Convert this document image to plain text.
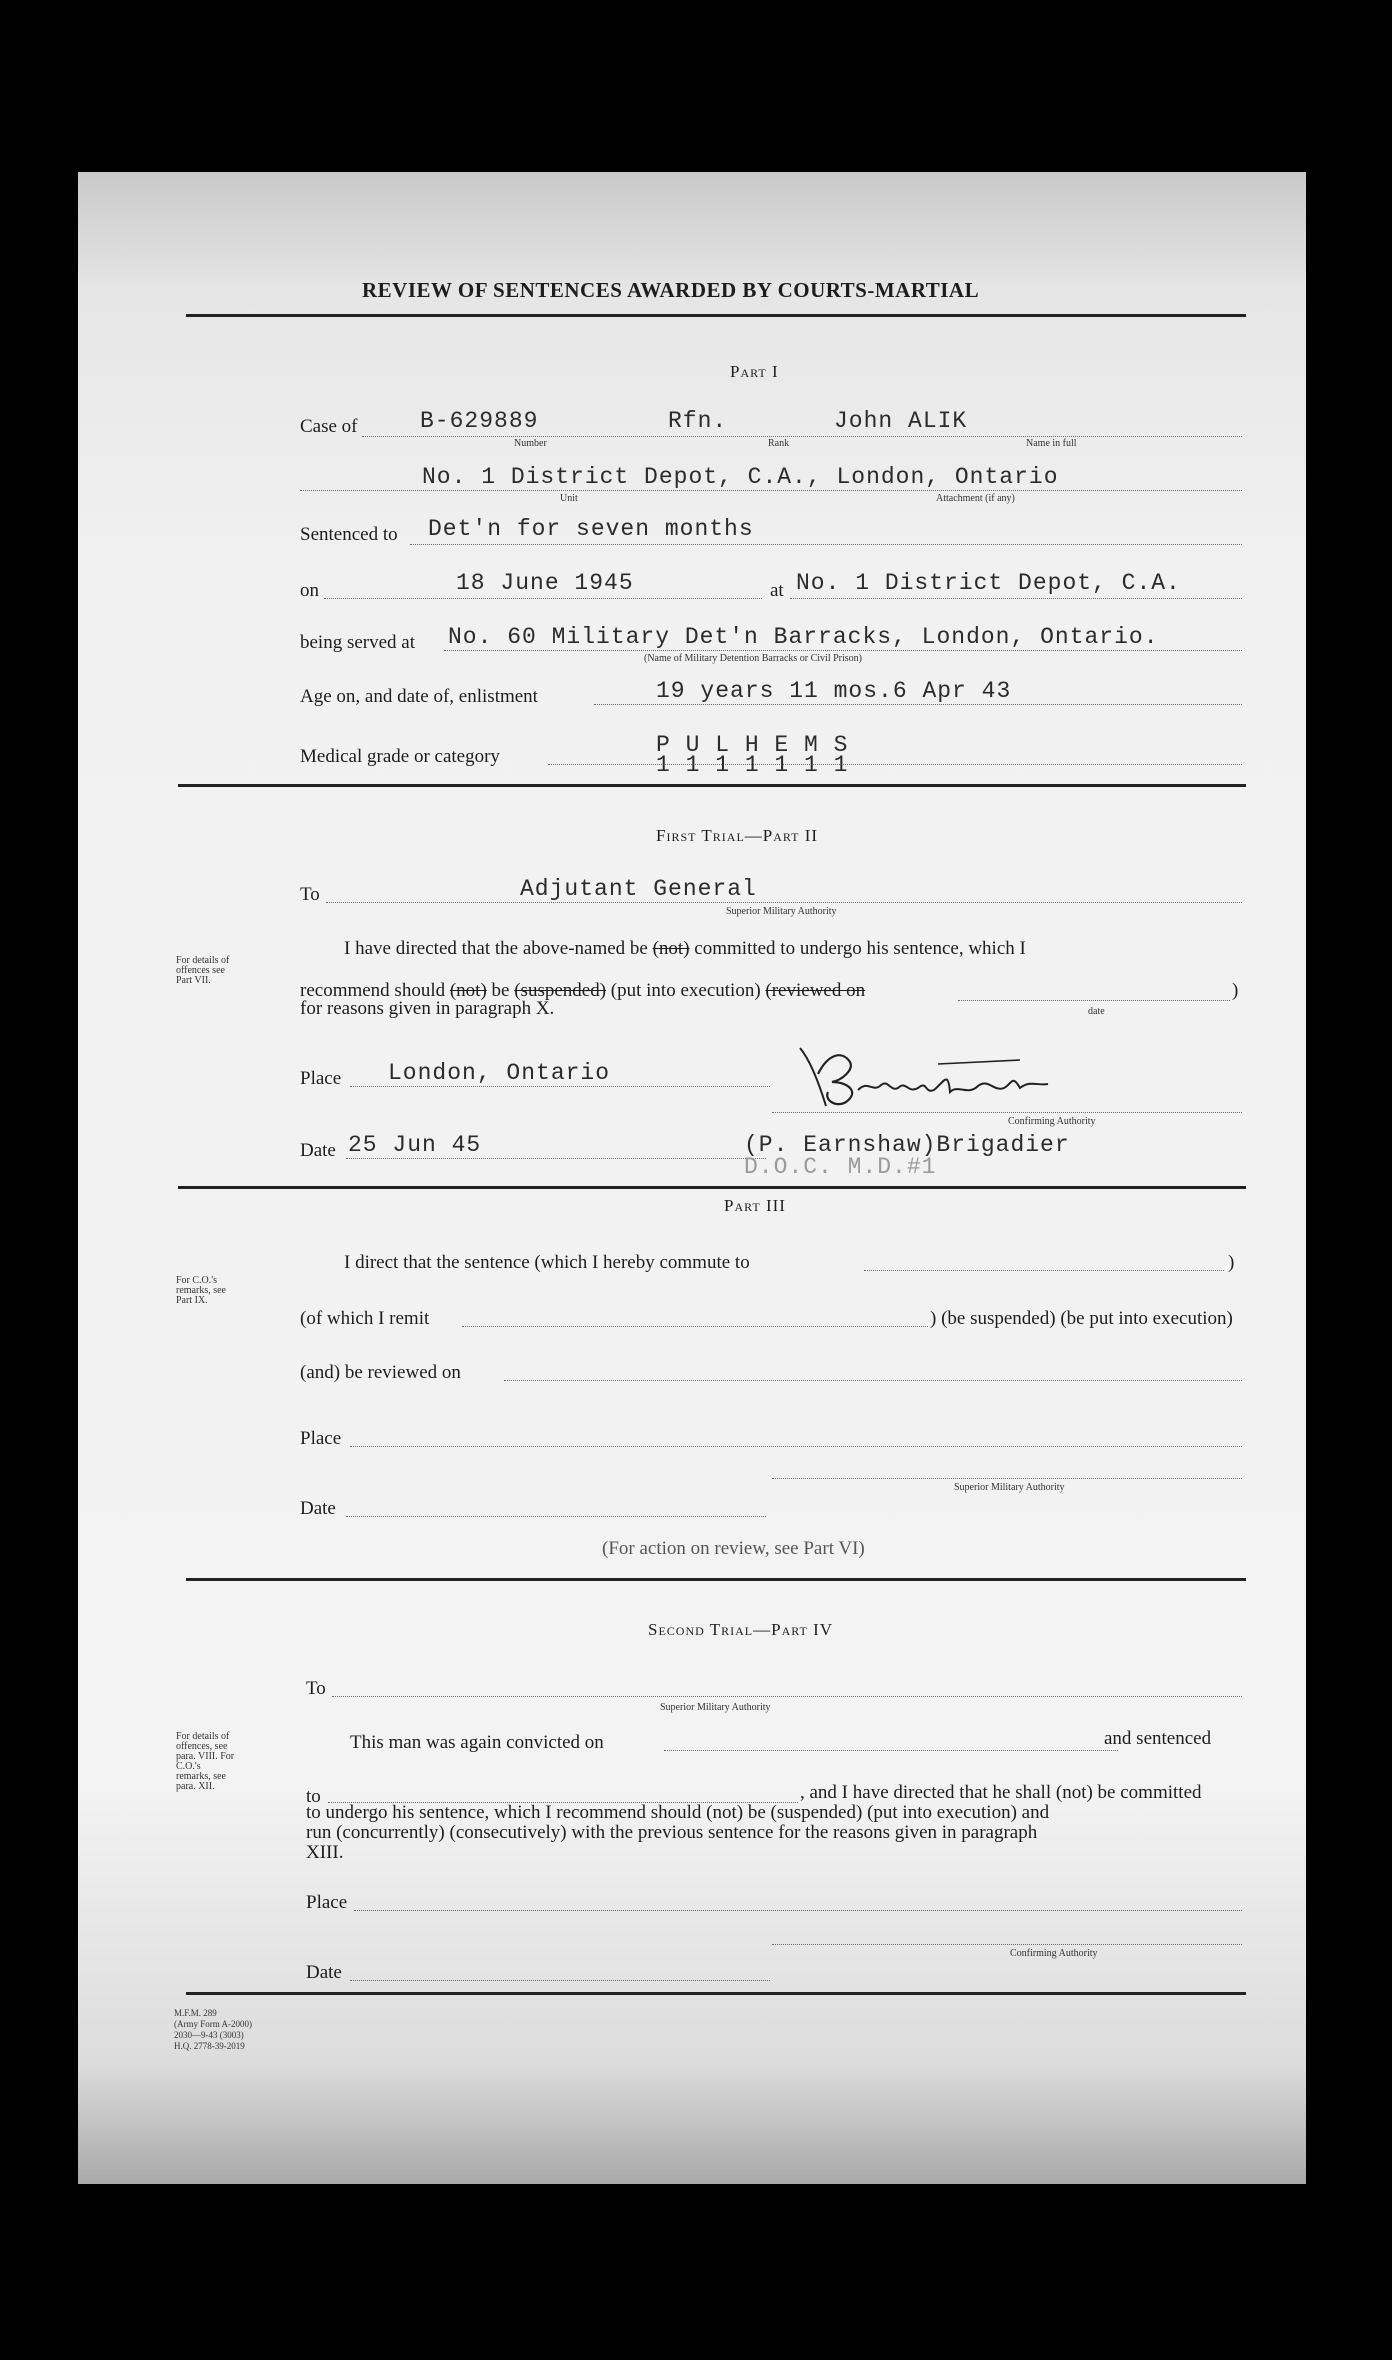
REVIEW OF SENTENCES AWARDED BY COURTS-MARTIAL
Part I
Case of	B-629889	Rfn.	John ALIK
Number	Rank	Name in full
No. 1 District Depot, C.A., London, Ontario
Unit	Attachment (if any)
Sentenced to Det'n for seven months
on	18 June 1945	at No. 1 District Depot, C.A.
being served at No. 60 Military Det'n Barracks, London, Ontario.
(Name of Military Detention Barracks or Civil Prison)
Age on, and date of, enlistment	19 years 11 mos.6 Apr 43
Medical grade or category	P U L H E M S
1 1 1 1 1 1 1
First Trial—Part II
To	Adjutant General
Superior Military Authority
For details of offences see Part VII.
I have directed that the above-named be (not) committed to undergo his sentence, which I
recommend should (not) be (suspended) (put into execution) (reviewed on	)
date
for reasons given in paragraph X.
Place London, Ontario
Confirming Authority
Date 25 Jun 45	(P. Earnshaw)Brigadier
D.O.C. M.D.#1
Part III
For C.O.'s remarks, see Part IX.
I direct that the sentence (which I hereby commute to	)
(of which I remit	) (be suspended) (be put into execution)
(and) be reviewed on
Place
Superior Military Authority
Date
(For action on review, see Part VI)
Second Trial—Part IV
To
Superior Military Authority
For details of offences, see para. VIII. For C.O.'s remarks, see para. XII.
This man was again convicted on	and sentenced
to	, and I have directed that he shall (not) be committed
to undergo his sentence, which I recommend should (not) be (suspended) (put into execution) and
run (concurrently) (consecutively) with the previous sentence for the reasons given in paragraph
XIII.
Place
Confirming Authority
Date
M.F.M. 289
(Army Form A-2000)
2030—9-43 (3003)
H.Q. 2778-39-2019
